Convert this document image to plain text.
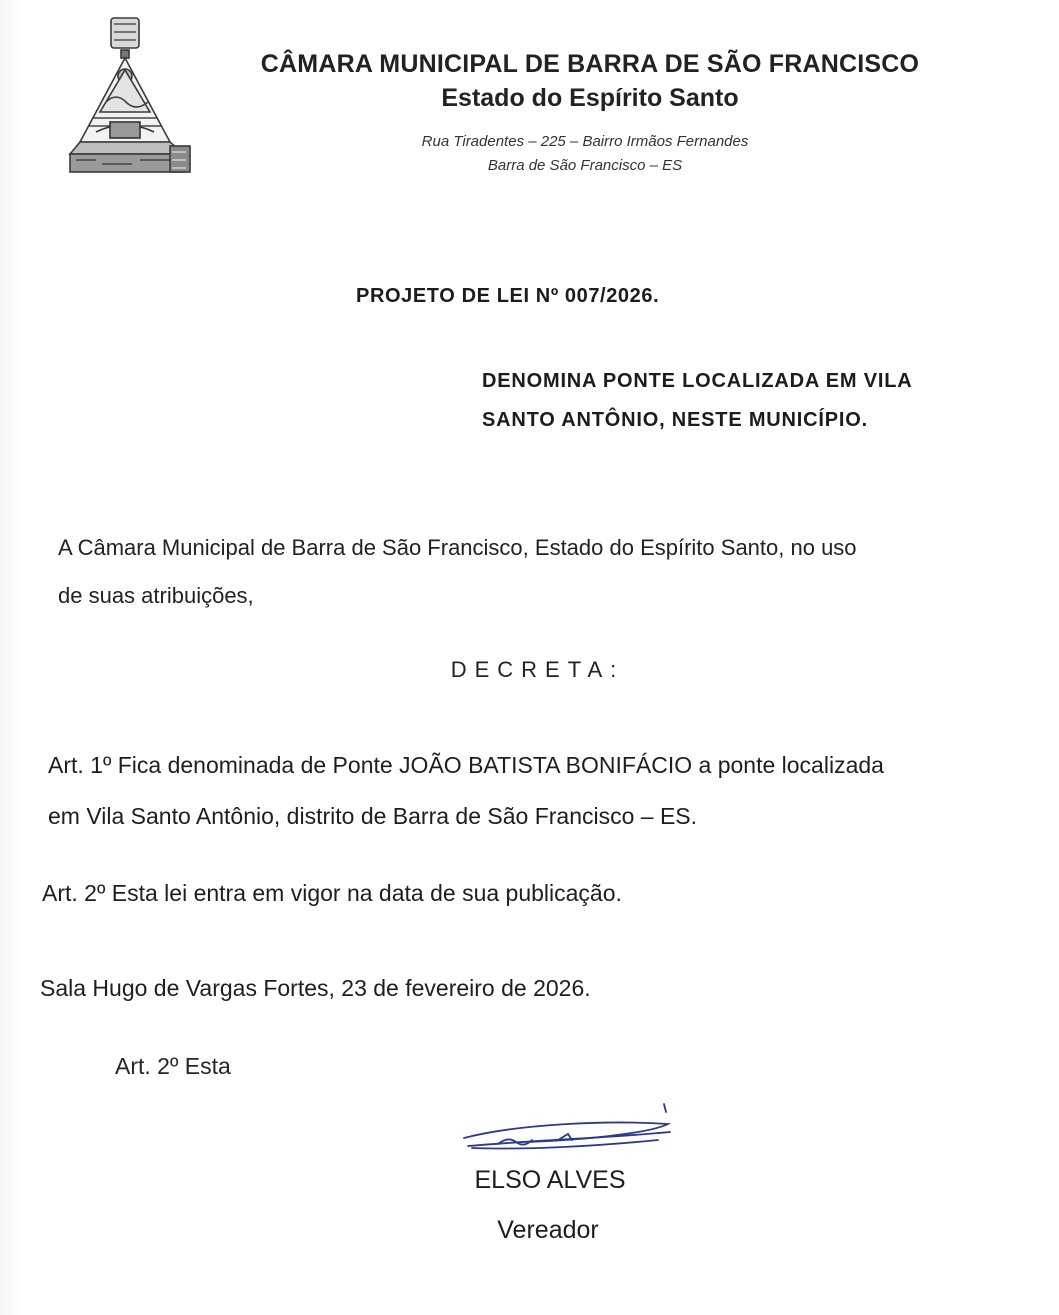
CÂMARA MUNICIPAL DE BARRA DE SÃO FRANCISCO
Estado do Espírito Santo
Rua Tiradentes – 225 – Bairro Irmãos Fernandes
Barra de São Francisco – ES
PROJETO DE LEI Nº 007/2026.
DENOMINA PONTE LOCALIZADA EM VILA
SANTO ANTÔNIO, NESTE MUNICÍPIO.
A Câmara Municipal de Barra de São Francisco, Estado do Espírito Santo, no uso
de suas atribuições,
DECRETA:
Art. 1º Fica denominada de Ponte JOÃO BATISTA BONIFÁCIO a ponte localizada
em Vila Santo Antônio, distrito de Barra de São Francisco – ES.
Art. 2º Esta lei entra em vigor na data de sua publicação.
Sala Hugo de Vargas Fortes, 23 de fevereiro de 2026.
Art. 2º Esta
ELSO ALVES
Vereador
